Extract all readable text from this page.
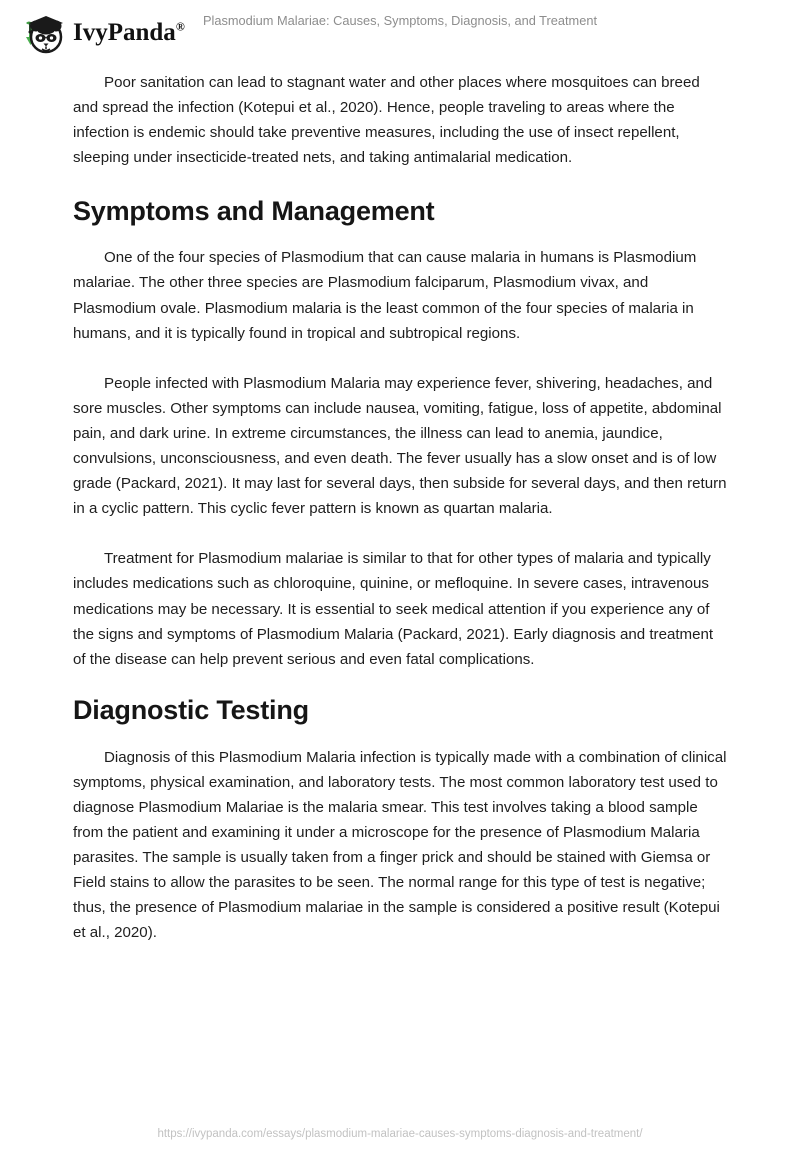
IvyPanda®	Plasmodium Malariae: Causes, Symptoms, Diagnosis, and Treatment

Poor sanitation can lead to stagnant water and other places where mosquitoes can breed and spread the infection (Kotepui et al., 2020). Hence, people traveling to areas where the infection is endemic should take preventive measures, including the use of insect repellent, sleeping under insecticide-treated nets, and taking antimalarial medication.

Symptoms and Management

One of the four species of Plasmodium that can cause malaria in humans is Plasmodium malariae. The other three species are Plasmodium falciparum, Plasmodium vivax, and Plasmodium ovale. Plasmodium malaria is the least common of the four species of malaria in humans, and it is typically found in tropical and subtropical regions.

People infected with Plasmodium Malaria may experience fever, shivering, headaches, and sore muscles. Other symptoms can include nausea, vomiting, fatigue, loss of appetite, abdominal pain, and dark urine. In extreme circumstances, the illness can lead to anemia, jaundice, convulsions, unconsciousness, and even death. The fever usually has a slow onset and is of low grade (Packard, 2021). It may last for several days, then subside for several days, and then return in a cyclic pattern. This cyclic fever pattern is known as quartan malaria.

Treatment for Plasmodium malariae is similar to that for other types of malaria and typically includes medications such as chloroquine, quinine, or mefloquine. In severe cases, intravenous medications may be necessary. It is essential to seek medical attention if you experience any of the signs and symptoms of Plasmodium Malaria (Packard, 2021). Early diagnosis and treatment of the disease can help prevent serious and even fatal complications.

Diagnostic Testing

Diagnosis of this Plasmodium Malaria infection is typically made with a combination of clinical symptoms, physical examination, and laboratory tests. The most common laboratory test used to diagnose Plasmodium Malariae is the malaria smear. This test involves taking a blood sample from the patient and examining it under a microscope for the presence of Plasmodium Malaria parasites. The sample is usually taken from a finger prick and should be stained with Giemsa or Field stains to allow the parasites to be seen. The normal range for this type of test is negative; thus, the presence of Plasmodium malariae in the sample is considered a positive result (Kotepui et al., 2020).

https://ivypanda.com/essays/plasmodium-malariae-causes-symptoms-diagnosis-and-treatment/
